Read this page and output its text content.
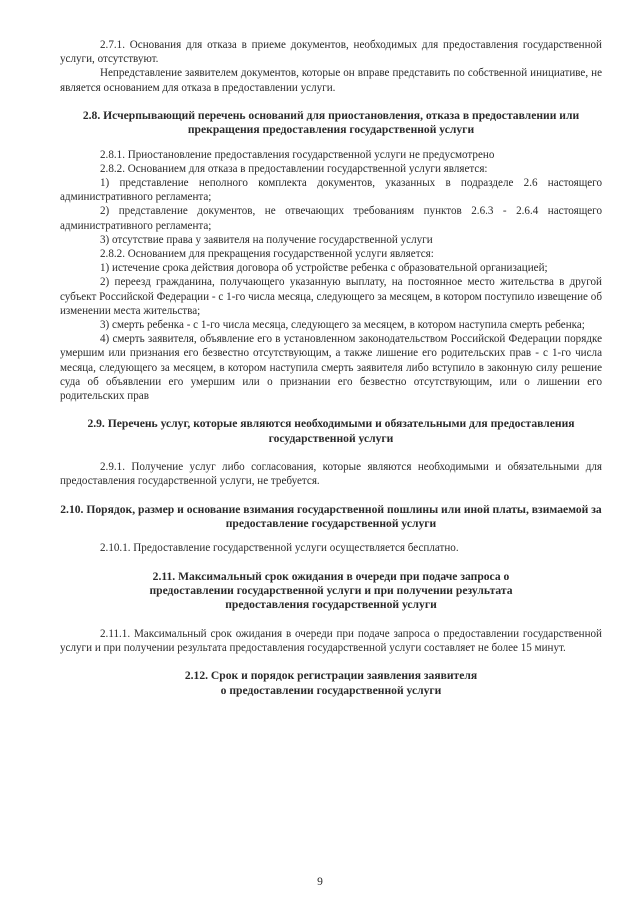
2.7.1. Основания для отказа в приеме документов, необходимых для предоставления государственной услуги, отсутствуют.

Непредставление заявителем документов, которые он вправе представить по собственной инициативе, не является основанием для отказа в предоставлении услуги.

2.8. Исчерпывающий перечень оснований для приостановления, отказа в предоставлении или прекращения предоставления государственной услуги

2.8.1. Приостановление предоставления государственной услуги не предусмотрено

2.8.2. Основанием для отказа в предоставлении государственной услуги является:

1) представление неполного комплекта документов, указанных в подразделе 2.6 настоящего административного регламента;

2) представление документов, не отвечающих требованиям пунктов 2.6.3 - 2.6.4 настоящего административного регламента;

3) отсутствие права у заявителя на получение государственной услуги

2.8.2. Основанием для прекращения государственной услуги является:

1) истечение срока действия договора об устройстве ребенка с образовательной организацией;

2) переезд гражданина, получающего указанную выплату, на постоянное место жительства в другой субъект Российской Федерации - с 1-го числа месяца, следующего за месяцем, в котором поступило извещение об изменении места жительства;

3) смерть ребенка - с 1-го числа месяца, следующего за месяцем, в котором наступила смерть ребенка;

4) смерть заявителя, объявление его в установленном законодательством Российской Федерации порядке умершим или признания его безвестно отсутствующим, а также лишение его родительских прав - с 1-го числа месяца, следующего за месяцем, в котором наступила смерть заявителя либо вступило в законную силу решение суда об объявлении его умершим или о признании его безвестно отсутствующим, или о лишении его родительских прав

2.9. Перечень услуг, которые являются необходимыми и обязательными для предоставления государственной услуги

2.9.1. Получение услуг либо согласования, которые являются необходимыми и обязательными для предоставления государственной услуги, не требуется.

2.10. Порядок, размер и основание взимания государственной пошлины или иной платы, взимаемой за предоставление государственной услуги

2.10.1. Предоставление государственной услуги осуществляется бесплатно.

2.11. Максимальный срок ожидания в очереди при подаче запроса о

предоставлении государственной услуги и при получении результата

предоставления государственной услуги

2.11.1. Максимальный срок ожидания в очереди при подаче запроса о предоставлении государственной услуги и при получении результата предоставления государственной услуги составляет не более 15 минут.

2.12. Срок и порядок регистрации заявления заявителя

о предоставлении государственной услуги

9
